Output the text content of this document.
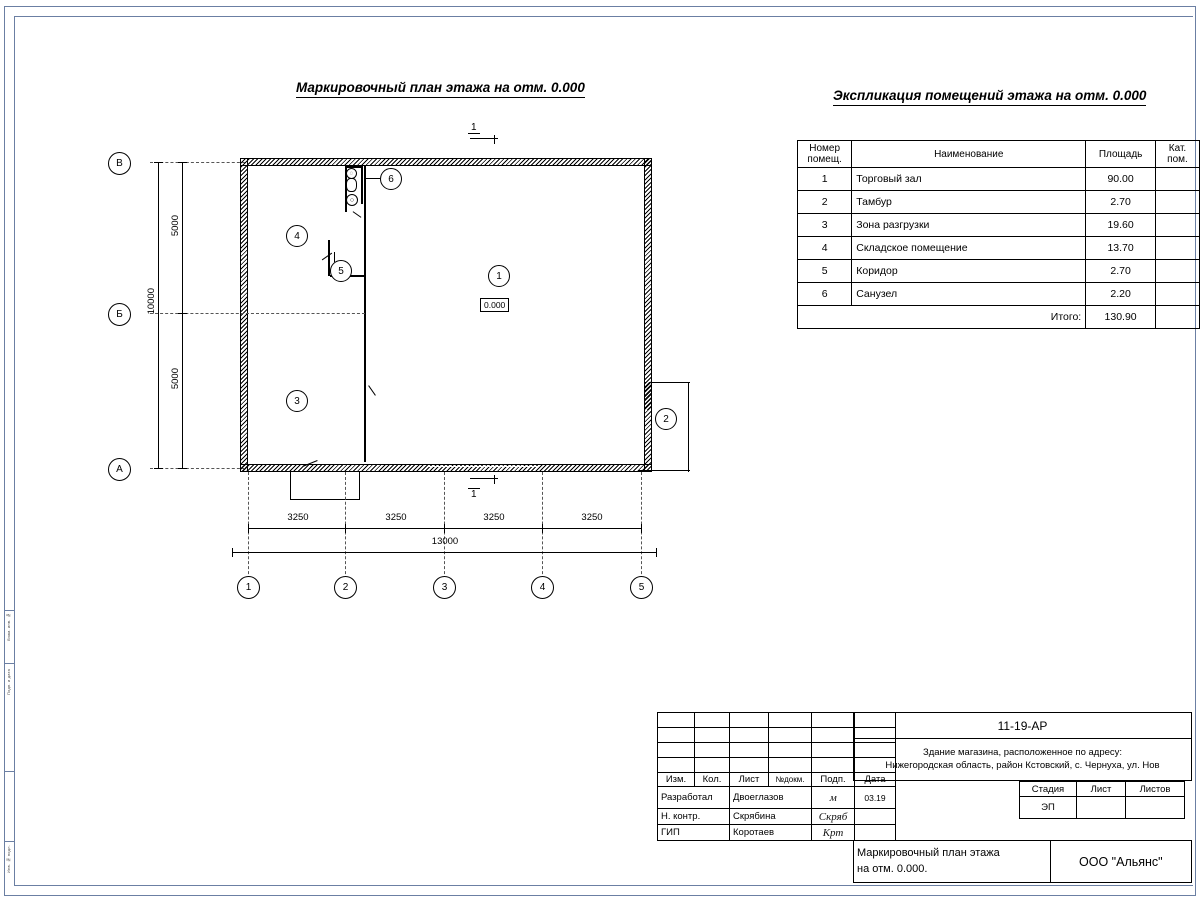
Взам. инв. №
Подп. и дата
Инв. № подл.
Маркировочный план этажа на отм. 0.000
Экспликация помещений этажа на отм. 0.000
◌
○
4
5
6
1
3
2
0.000
В
Б
А
5000
5000
10000
3250	3250	3250	3250
13000
1	2	3	4	5
1
1
Номер
помещ.	Наименование	Площадь	Кат.
пом.
1	Торговый зал	90.00	
2	Тамбур	2.70	
3	Зона разгрузки	19.60	
4	Складское помещение	13.70	
5	Коридор	2.70	
6	Санузел	2.20	
Итого:		130.90	

Изм.	Кол.	Лист	№докм.	Подп.	Дата
Разработал		Двоеглазов		ᴍ	03.19
Н. контр.		Скрябина		Скряб	
ГИП		Коротаев		Крт	
11-19-АР
Здание магазина, расположенное по адресу:
Нижегородская область, район Кстовский, с. Чернуха, ул. Нов
	Стадия	Лист	Листов
	ЭП		
Маркировочный план этажа
на отм. 0.000.	ООО "Альянс"
